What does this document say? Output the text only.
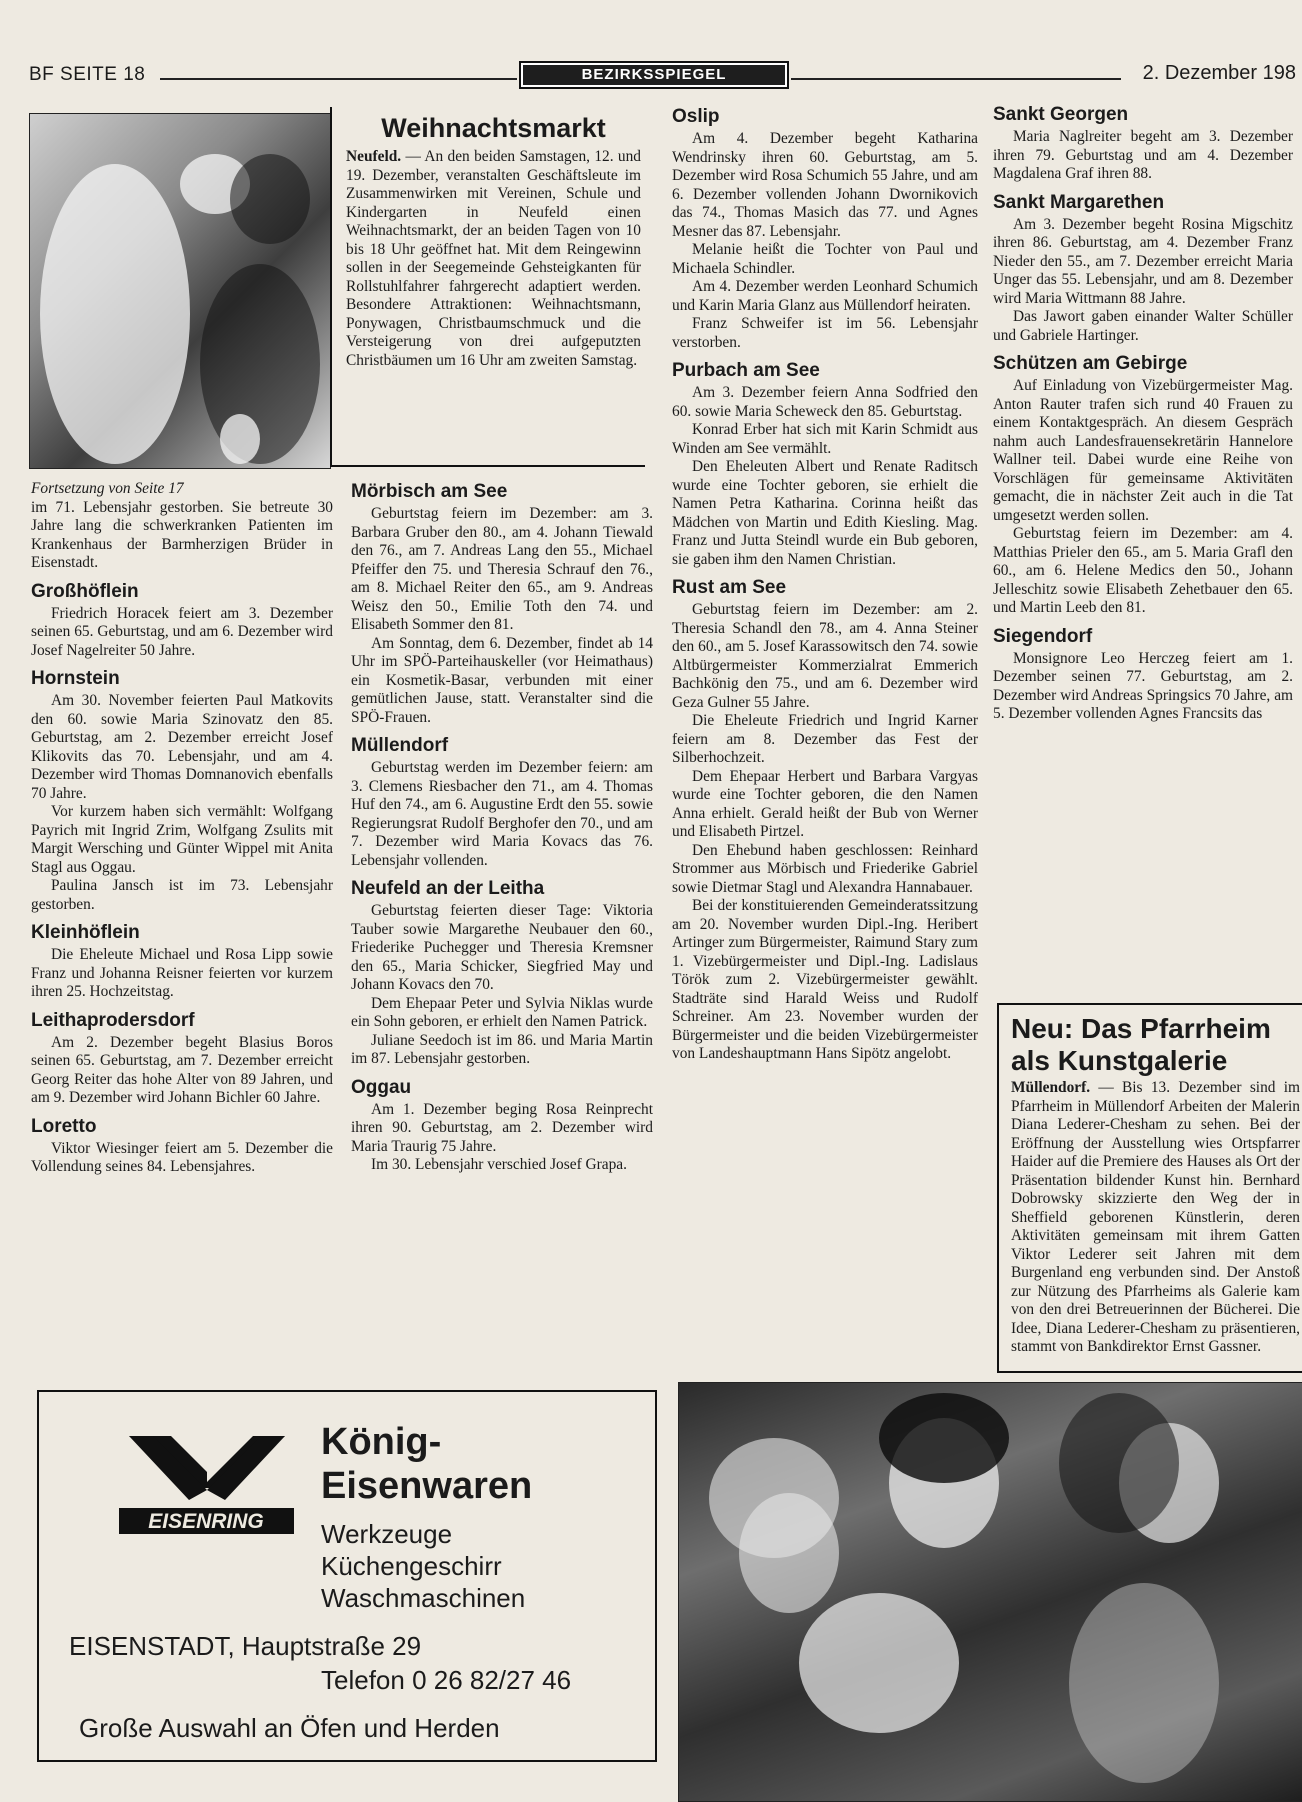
BF SEITE 18	BEZIRKSSPIEGEL	2. Dezember 198
Weihnachtsmarkt

Neufeld. — An den beiden Samstagen, 12. und 19. Dezember, veranstalten Geschäftsleute im Zusammenwirken mit Vereinen, Schule und Kindergarten in Neufeld einen Weihnachtsmarkt, der an beiden Tagen von 10 bis 18 Uhr geöffnet hat. Mit dem Reingewinn sollen in der Seegemeinde Gehsteigkanten für Rollstuhlfahrer fahrgerecht adaptiert werden. Besondere Attraktionen: Weihnachtsmann, Ponywagen, Christbaumschmuck und die Versteigerung von drei aufgeputzten Christbäumen um 16 Uhr am zweiten Samstag.

Fortsetzung von Seite 17

im 71. Lebensjahr gestorben. Sie betreute 30 Jahre lang die schwerkranken Patienten im Krankenhaus der Barmherzigen Brüder in Eisenstadt.

Großhöflein

Friedrich Horacek feiert am 3. Dezember seinen 65. Geburtstag, und am 6. Dezember wird Josef Nagelreiter 50 Jahre.

Hornstein

Am 30. November feierten Paul Matkovits den 60. sowie Maria Szinovatz den 85. Geburtstag, am 2. Dezember erreicht Josef Klikovits das 70. Lebensjahr, und am 4. Dezember wird Thomas Domnanovich ebenfalls 70 Jahre.

Vor kurzem haben sich vermählt: Wolfgang Payrich mit Ingrid Zrim, Wolfgang Zsulits mit Margit Wersching und Günter Wippel mit Anita Stagl aus Oggau.

Paulina Jansch ist im 73. Lebensjahr gestorben.

Kleinhöflein

Die Eheleute Michael und Rosa Lipp sowie Franz und Johanna Reisner feierten vor kurzem ihren 25. Hochzeitstag.

Leithaprodersdorf

Am 2. Dezember begeht Blasius Boros seinen 65. Geburtstag, am 7. Dezember erreicht Georg Reiter das hohe Alter von 89 Jahren, und am 9. Dezember wird Johann Bichler 60 Jahre.

Loretto

Viktor Wiesinger feiert am 5. Dezember die Vollendung seines 84. Lebensjahres.

Mörbisch am See

Geburtstag feiern im Dezember: am 3. Barbara Gruber den 80., am 4. Johann Tiewald den 76., am 7. Andreas Lang den 55., Michael Pfeiffer den 75. und Theresia Schrauf den 76., am 8. Michael Reiter den 65., am 9. Andreas Weisz den 50., Emilie Toth den 74. und Elisabeth Sommer den 81.

Am Sonntag, dem 6. Dezember, findet ab 14 Uhr im SPÖ-Parteihauskeller (vor Heimathaus) ein Kosmetik-Basar, verbunden mit einer gemütlichen Jause, statt. Veranstalter sind die SPÖ-Frauen.

Müllendorf

Geburtstag werden im Dezember feiern: am 3. Clemens Riesbacher den 71., am 4. Thomas Huf den 74., am 6. Augustine Erdt den 55. sowie Regierungsrat Rudolf Berghofer den 70., und am 7. Dezember wird Maria Kovacs das 76. Lebensjahr vollenden.

Neufeld an der Leitha

Geburtstag feierten dieser Tage: Viktoria Tauber sowie Margarethe Neubauer den 60., Friederike Puchegger und Theresia Kremsner den 65., Maria Schicker, Siegfried May und Johann Kovacs den 70.

Dem Ehepaar Peter und Sylvia Niklas wurde ein Sohn geboren, er erhielt den Namen Patrick.

Juliane Seedoch ist im 86. und Maria Martin im 87. Lebensjahr gestorben.

Oggau

Am 1. Dezember beging Rosa Reinprecht ihren 90. Geburtstag, am 2. Dezember wird Maria Traurig 75 Jahre.

Im 30. Lebensjahr verschied Josef Grapa.

Oslip

Am 4. Dezember begeht Katharina Wendrinsky ihren 60. Geburtstag, am 5. Dezember wird Rosa Schumich 55 Jahre, und am 6. Dezember vollenden Johann Dwornikovich das 74., Thomas Masich das 77. und Agnes Mesner das 87. Lebensjahr.

Melanie heißt die Tochter von Paul und Michaela Schindler.

Am 4. Dezember werden Leonhard Schumich und Karin Maria Glanz aus Müllendorf heiraten.

Franz Schweifer ist im 56. Lebensjahr verstorben.

Purbach am See

Am 3. Dezember feiern Anna Sodfried den 60. sowie Maria Scheweck den 85. Geburtstag.

Konrad Erber hat sich mit Karin Schmidt aus Winden am See vermählt.

Den Eheleuten Albert und Renate Raditsch wurde eine Tochter geboren, sie erhielt die Namen Petra Katharina. Corinna heißt das Mädchen von Martin und Edith Kiesling. Mag. Franz und Jutta Steindl wurde ein Bub geboren, sie gaben ihm den Namen Christian.

Rust am See

Geburtstag feiern im Dezember: am 2. Theresia Schandl den 78., am 4. Anna Steiner den 60., am 5. Josef Karassowitsch den 74. sowie Altbürgermeister Kommerzialrat Emmerich Bachkönig den 75., und am 6. Dezember wird Geza Gulner 55 Jahre.

Die Eheleute Friedrich und Ingrid Karner feiern am 8. Dezember das Fest der Silberhochzeit.

Dem Ehepaar Herbert und Barbara Vargyas wurde eine Tochter geboren, die den Namen Anna erhielt. Gerald heißt der Bub von Werner und Elisabeth Pirtzel.

Den Ehebund haben geschlossen: Reinhard Strommer aus Mörbisch und Friederike Gabriel sowie Dietmar Stagl und Alexandra Hannabauer.

Bei der konstituierenden Gemeinderatssitzung am 20. November wurden Dipl.-Ing. Heribert Artinger zum Bürgermeister, Raimund Stary zum 1. Vizebürgermeister und Dipl.-Ing. Ladislaus Török zum 2. Vizebürgermeister gewählt. Stadträte sind Harald Weiss und Rudolf Schreiner. Am 23. November wurden der Bürgermeister und die beiden Vizebürgermeister von Landeshauptmann Hans Sipötz angelobt.

Sankt Georgen

Maria Naglreiter begeht am 3. Dezember ihren 79. Geburtstag und am 4. Dezember Magdalena Graf ihren 88.

Sankt Margarethen

Am 3. Dezember begeht Rosina Migschitz ihren 86. Geburtstag, am 4. Dezember Franz Nieder den 55., am 7. Dezember erreicht Maria Unger das 55. Lebensjahr, und am 8. Dezember wird Maria Wittmann 88 Jahre.

Das Jawort gaben einander Walter Schüller und Gabriele Hartinger.

Schützen am Gebirge

Auf Einladung von Vizebürgermeister Mag. Anton Rauter trafen sich rund 40 Frauen zu einem Kontaktgespräch. An diesem Gespräch nahm auch Landesfrauensekretärin Hannelore Wallner teil. Dabei wurde eine Reihe von Vorschlägen für gemeinsame Aktivitäten gemacht, die in nächster Zeit auch in die Tat umgesetzt werden sollen.

Geburtstag feiern im Dezember: am 4. Matthias Prieler den 65., am 5. Maria Grafl den 60., am 6. Helene Medics den 50., Johann Jelleschitz sowie Elisabeth Zehetbauer den 65. und Martin Leeb den 81.

Siegendorf

Monsignore Leo Herczeg feiert am 1. Dezember seinen 77. Geburtstag, am 2. Dezember wird Andreas Springsics 70 Jahre, am 5. Dezember vollenden Agnes Francsits das

Neu: Das Pfarrheim als Kunstgalerie

Müllendorf. — Bis 13. Dezember sind im Pfarrheim in Müllendorf Arbeiten der Malerin Diana Lederer-Chesham zu sehen. Bei der Eröffnung der Ausstellung wies Ortspfarrer Haider auf die Premiere des Hauses als Ort der Präsentation bildender Kunst hin. Bernhard Dobrowsky skizzierte den Weg der in Sheffield geborenen Künstlerin, deren Aktivitäten gemeinsam mit ihrem Gatten Viktor Lederer seit Jahren mit dem Burgenland eng verbunden sind. Der Anstoß zur Nützung des Pfarrheims als Galerie kam von den drei Betreuerinnen der Bücherei. Die Idee, Diana Lederer-Chesham zu präsentieren, stammt von Bankdirektor Ernst Gassner.

EISENRING
König-
Eisenwaren
Werkzeuge
Küchengeschirr
Waschmaschinen
EISENSTADT, Hauptstraße 29
Telefon 0 26 82/27 46
Große Auswahl an Öfen und Herden
